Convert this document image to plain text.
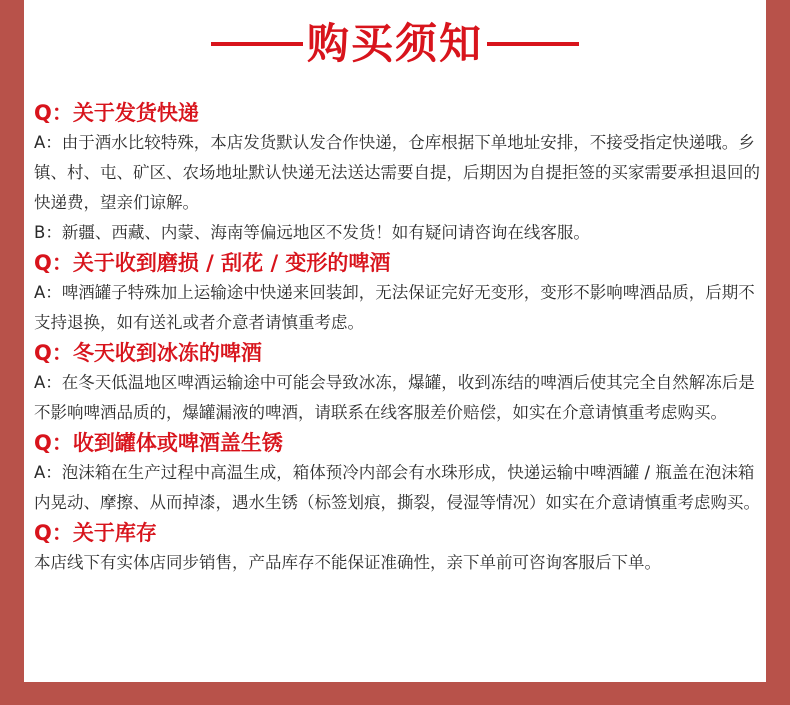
购买须知
Q：关于发货快递

A：由于酒水比较特殊，本店发货默认发合作快递，仓库根据下单地址安排，不接受指定快递哦。乡镇、村、屯、矿区、农场地址默认快递无法送达需要自提，后期因为自提拒签的买家需要承担退回的快递费，望亲们谅解。

B：新疆、西藏、内蒙、海南等偏远地区不发货！如有疑问请咨询在线客服。

Q：关于收到磨损 / 刮花 / 变形的啤酒

A：啤酒罐子特殊加上运输途中快递来回装卸，无法保证完好无变形，变形不影响啤酒品质，后期不支持退换，如有送礼或者介意者请慎重考虑。

Q：冬天收到冰冻的啤酒

A：在冬天低温地区啤酒运输途中可能会导致冰冻，爆罐，收到冻结的啤酒后使其完全自然解冻后是不影响啤酒品质的，爆罐漏液的啤酒，请联系在线客服差价赔偿，如实在介意请慎重考虑购买。

Q：收到罐体或啤酒盖生锈

A：泡沫箱在生产过程中高温生成，箱体预冷内部会有水珠形成，快递运输中啤酒罐 / 瓶盖在泡沫箱内晃动、摩擦、从而掉漆，遇水生锈（标签划痕，撕裂，侵湿等情况）如实在介意请慎重考虑购买。

Q：关于库存

本店线下有实体店同步销售，产品库存不能保证准确性，亲下单前可咨询客服后下单。
